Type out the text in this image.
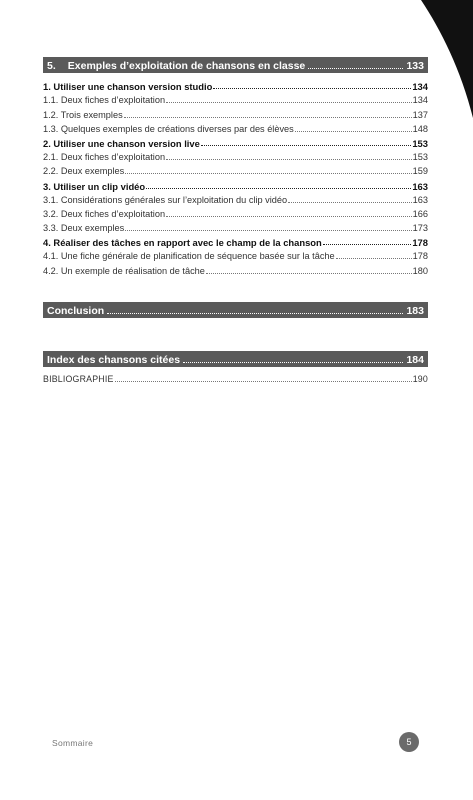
5. Exemples d’exploitation de chansons en classe	133
1. Utiliser une chanson version studio	134
1.1. Deux fiches d’exploitation	134
1.2. Trois exemples	137
1.3. Quelques exemples de créations diverses par des élèves	148
2. Utiliser une chanson version live	153
2.1. Deux fiches d’exploitation	153
2.2. Deux exemples	159
3. Utiliser un clip vidéo	163
3.1. Considérations générales sur l’exploitation du clip vidéo	163
3.2. Deux fiches d’exploitation	166
3.3. Deux exemples	173
4. Réaliser des tâches en rapport avec le champ de la chanson	178
4.1. Une fiche générale de planification de séquence basée sur la tâche	178
4.2. Un exemple de réalisation de tâche	180
Conclusion	183
Index des chansons citées	184
BIBLIOGRAPHIE	190
Sommaire	5
